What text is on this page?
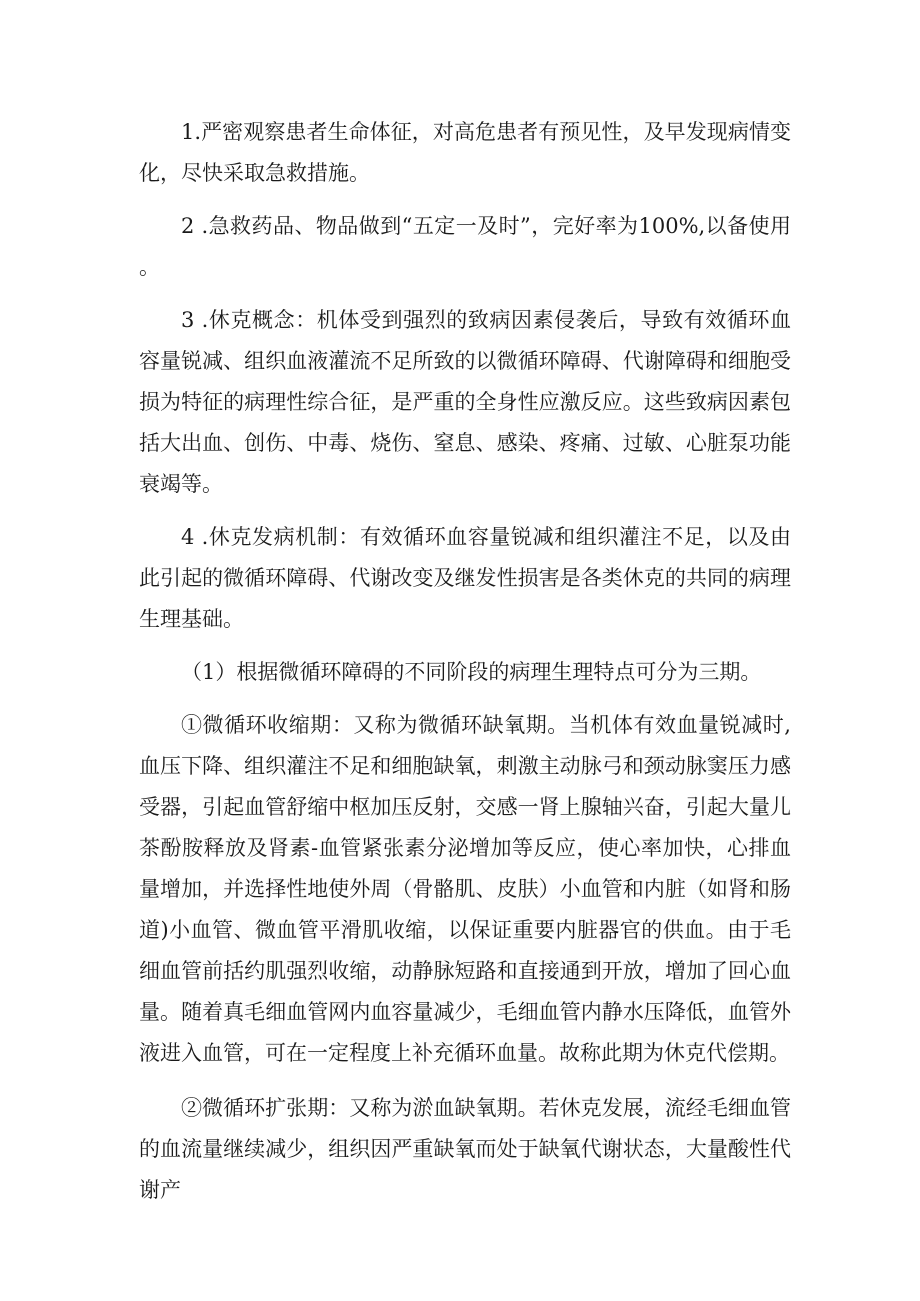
1.严密观察患者生命体征，对高危患者有预见性，及早发现病情变化，尽快采取急救措施。

2 .急救药品、物品做到“五定一及时”，完好率为100%,以备使用。

3 .休克概念：机体受到强烈的致病因素侵袭后，导致有效循环血容量锐减、组织血液灌流不足所致的以微循环障碍、代谢障碍和细胞受损为特征的病理性综合征，是严重的全身性应激反应。这些致病因素包括大出血、创伤、中毒、烧伤、窒息、感染、疼痛、过敏、心脏泵功能衰竭等。

4 .休克发病机制：有效循环血容量锐减和组织灌注不足，以及由此引起的微循环障碍、代谢改变及继发性损害是各类休克的共同的病理生理基础。

（1）根据微循环障碍的不同阶段的病理生理特点可分为三期。

①微循环收缩期：又称为微循环缺氧期。当机体有效血量锐减时,血压下降、组织灌注不足和细胞缺氧，刺激主动脉弓和颈动脉窦压力感受器，引起血管舒缩中枢加压反射，交感一肾上腺轴兴奋，引起大量儿茶酚胺释放及肾素-血管紧张素分泌增加等反应，使心率加快，心排血量增加，并选择性地使外周（骨骼肌、皮肤）小血管和内脏（如肾和肠道)小血管、微血管平滑肌收缩，以保证重要内脏器官的供血。由于毛细血管前括约肌强烈收缩，动静脉短路和直接通到开放，增加了回心血量。随着真毛细血管网内血容量减少，毛细血管内静水压降低，血管外液进入血管，可在一定程度上补充循环血量。故称此期为休克代偿期。

②微循环扩张期：又称为淤血缺氧期。若休克发展，流经毛细血管的血流量继续减少，组织因严重缺氧而处于缺氧代谢状态，大量酸性代谢产
